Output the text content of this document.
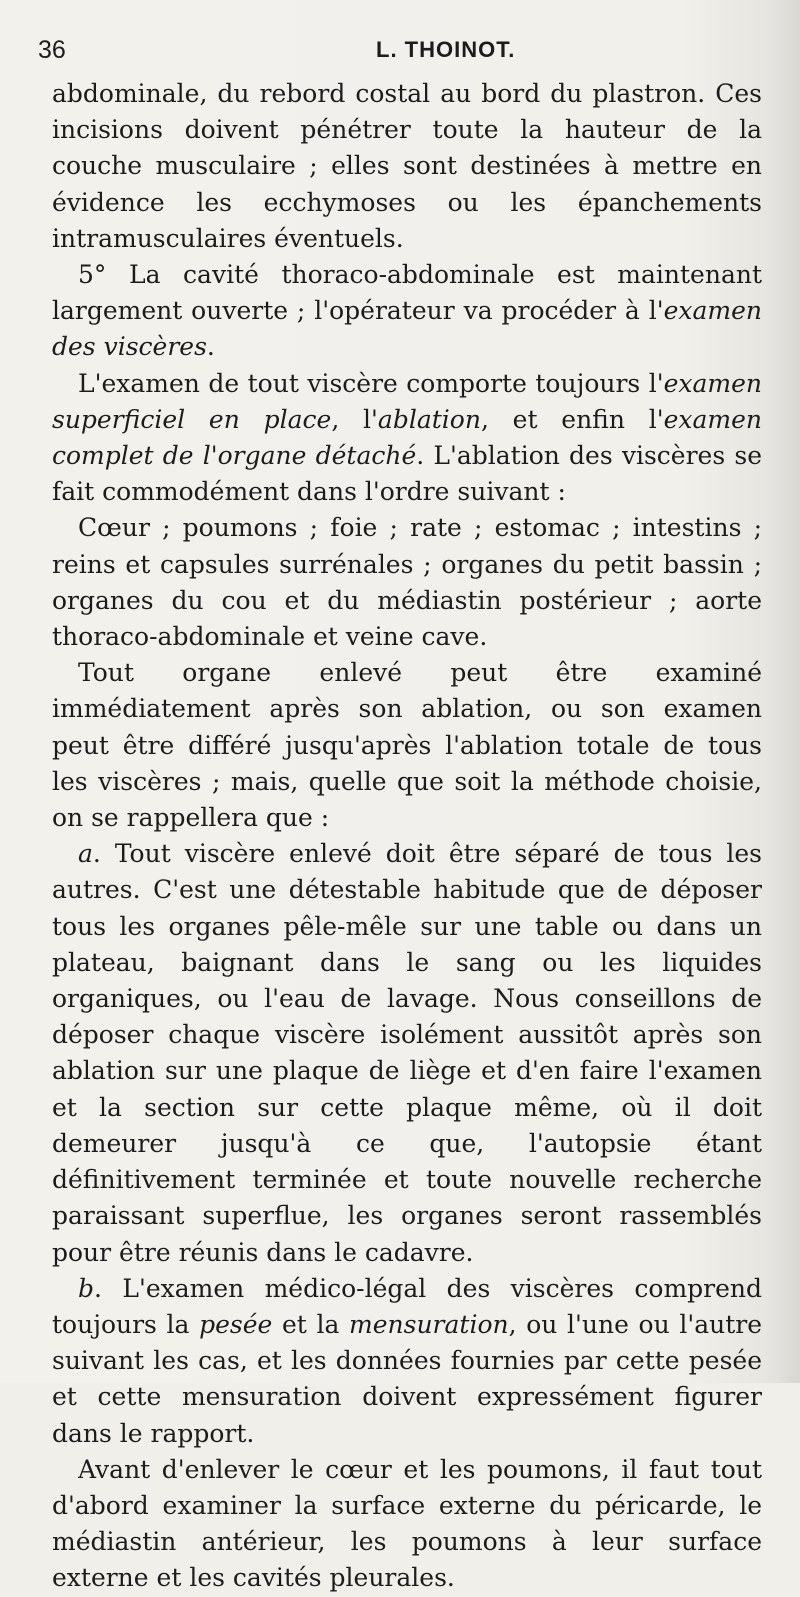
36	L. THOINOT.

abdominale, du rebord costal au bord du plastron. Ces incisions doivent pénétrer toute la hauteur de la couche musculaire ; elles sont destinées à mettre en évidence les ecchymoses ou les épanchements intramusculaires éventuels.

5° La cavité thoraco-abdominale est maintenant largement ouverte ; l'opérateur va procéder à l'examen des viscères.

L'examen de tout viscère comporte toujours l'examen superficiel en place, l'ablation, et enfin l'examen complet de l'organe détaché. L'ablation des viscères se fait commodément dans l'ordre suivant :

Cœur ; poumons ; foie ; rate ; estomac ; intestins ; reins et capsules surrénales ; organes du petit bassin ; organes du cou et du médiastin postérieur ; aorte thoraco-abdominale et veine cave.

Tout organe enlevé peut être examiné immédiatement après son ablation, ou son examen peut être différé jusqu'après l'ablation totale de tous les viscères ; mais, quelle que soit la méthode choisie, on se rappellera que :

a. Tout viscère enlevé doit être séparé de tous les autres. C'est une détestable habitude que de déposer tous les organes pêle-mêle sur une table ou dans un plateau, baignant dans le sang ou les liquides organiques, ou l'eau de lavage. Nous conseillons de déposer chaque viscère isolément aussitôt après son ablation sur une plaque de liège et d'en faire l'examen et la section sur cette plaque même, où il doit demeurer jusqu'à ce que, l'autopsie étant définitivement terminée et toute nouvelle recherche paraissant superflue, les organes seront rassemblés pour être réunis dans le cadavre.

b. L'examen médico-légal des viscères comprend toujours la pesée et la mensuration, ou l'une ou l'autre suivant les cas, et les données fournies par cette pesée et cette mensuration doivent expressément figurer dans le rapport.

Avant d'enlever le cœur et les poumons, il faut tout d'abord examiner la surface externe du péricarde, le médiastin antérieur, les poumons à leur surface externe et les cavités pleurales.
